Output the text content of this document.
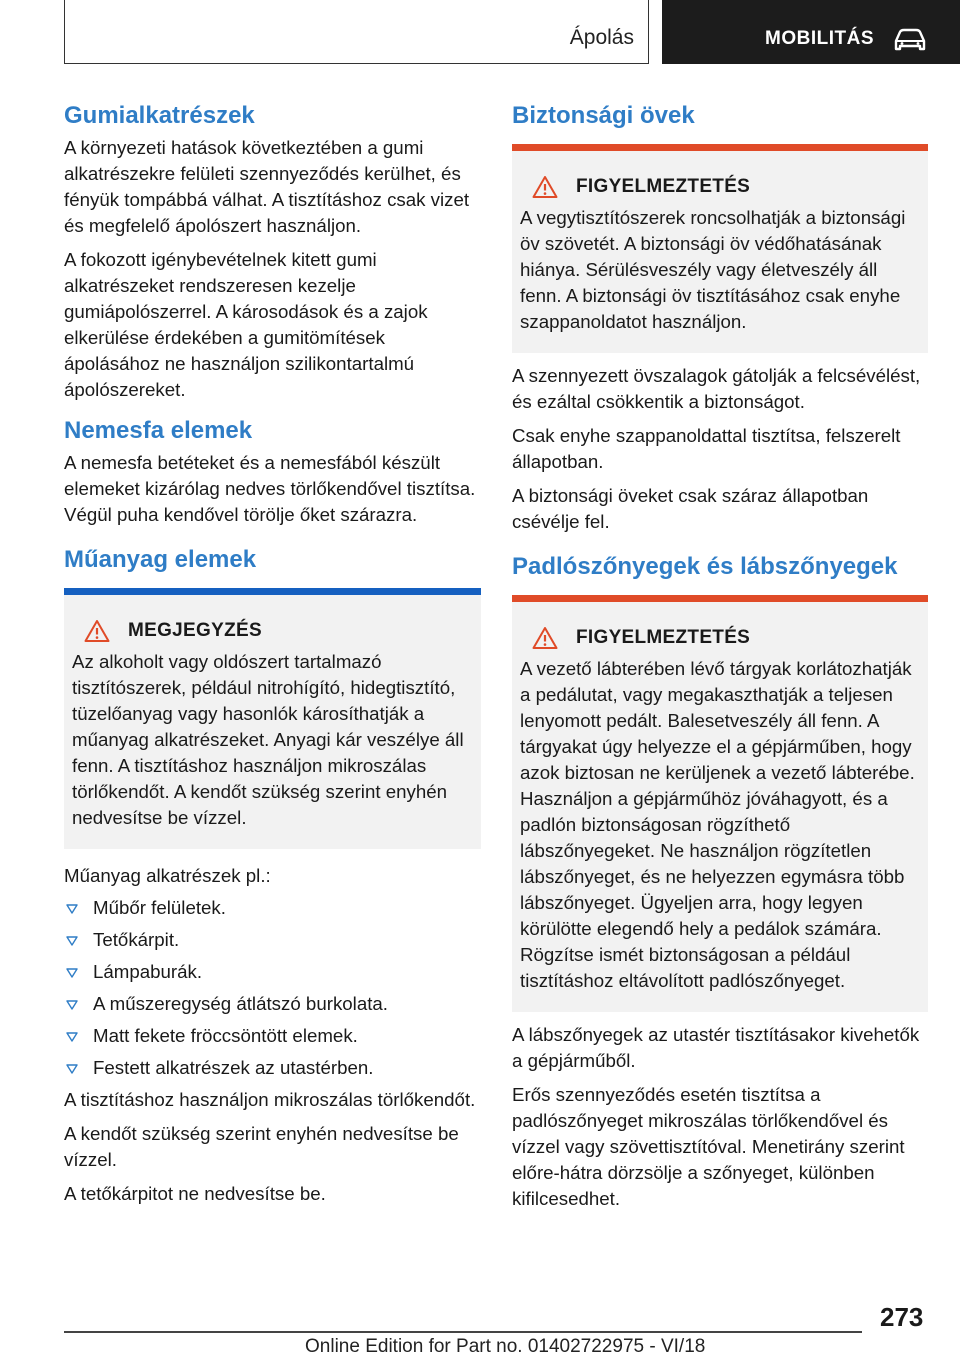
Ápolás	MOBILITÁS
Gumialkatrészek

A környezeti hatások következtében a gumi alkatrészekre felületi szennyeződés kerülhet, és fényük tompábbá válhat. A tisztításhoz csak vizet és megfelelő ápolószert használjon.

A fokozott igénybevételnek kitett gumi alkatrészeket rendszeresen kezelje gumiápolószerrel. A károsodások és a zajok elkerülése érdekében a gumitömítések ápolásához ne használjon szilikontartalmú ápolószereket.

Nemesfa elemek

A nemesfa betéteket és a nemesfából készült elemeket kizárólag nedves törlőkendővel tisztítsa. Végül puha kendővel törölje őket szárazra.

Műanyag elemek
MEGJEGYZÉS

Az alkoholt vagy oldószert tartalmazó tisztítószerek, például nitrohígító, hidegtisztító, tüzelőanyag vagy hasonlók károsíthatják a műanyag alkatrészeket. Anyagi kár veszélye áll fenn. A tisztításhoz használjon mikroszálas törlőkendőt. A kendőt szükség szerint enyhén nedvesítse be vízzel.

Műanyag alkatrészek pl.:

Műbőr felületek.
Tetőkárpit.
Lámpaburák.
A műszeregység átlátszó burkolata.
Matt fekete fröccsöntött elemek.
Festett alkatrészek az utastérben.

A tisztításhoz használjon mikroszálas törlőkendőt.

A kendőt szükség szerint enyhén nedvesítse be vízzel.

A tetőkárpitot ne nedvesítse be.

Biztonsági övek
FIGYELMEZTETÉS

A vegytisztítószerek roncsolhatják a biztonsági öv szövetét. A biztonsági öv védőhatásának hiánya. Sérülésveszély vagy életveszély áll fenn. A biztonsági öv tisztításához csak enyhe szappanoldatot használjon.

A szennyezett övszalagok gátolják a felcsévélést, és ezáltal csökkentik a biztonságot.

Csak enyhe szappanoldattal tisztítsa, felszerelt állapotban.

A biztonsági öveket csak száraz állapotban csévélje fel.

Padlószőnyegek és lábszőnyegek
FIGYELMEZTETÉS

A vezető lábterében lévő tárgyak korlátozhatják a pedálutat, vagy megakaszthatják a teljesen lenyomott pedált. Balesetveszély áll fenn. A tárgyakat úgy helyezze el a gépjárműben, hogy azok biztosan ne kerüljenek a vezető lábterébe. Használjon a gépjárműhöz jóváhagyott, és a padlón biztonságosan rögzíthető lábszőnyegeket. Ne használjon rögzítetlen lábszőnyeget, és ne helyezzen egymásra több lábszőnyeget. Ügyeljen arra, hogy legyen körülötte elegendő hely a pedálok számára. Rögzítse ismét biztonságosan a például tisztításhoz eltávolított padlószőnyeget.

A lábszőnyegek az utastér tisztításakor kivehetők a gépjárműből.

Erős szennyeződés esetén tisztítsa a padlószőnyeget mikroszálas törlőkendővel és vízzel vagy szövettisztítóval. Menetirány szerint előre-hátra dörzsölje a szőnyeget, különben kifilcesedhet.

273
Online Edition for Part no. 01402722975 - VI/18
